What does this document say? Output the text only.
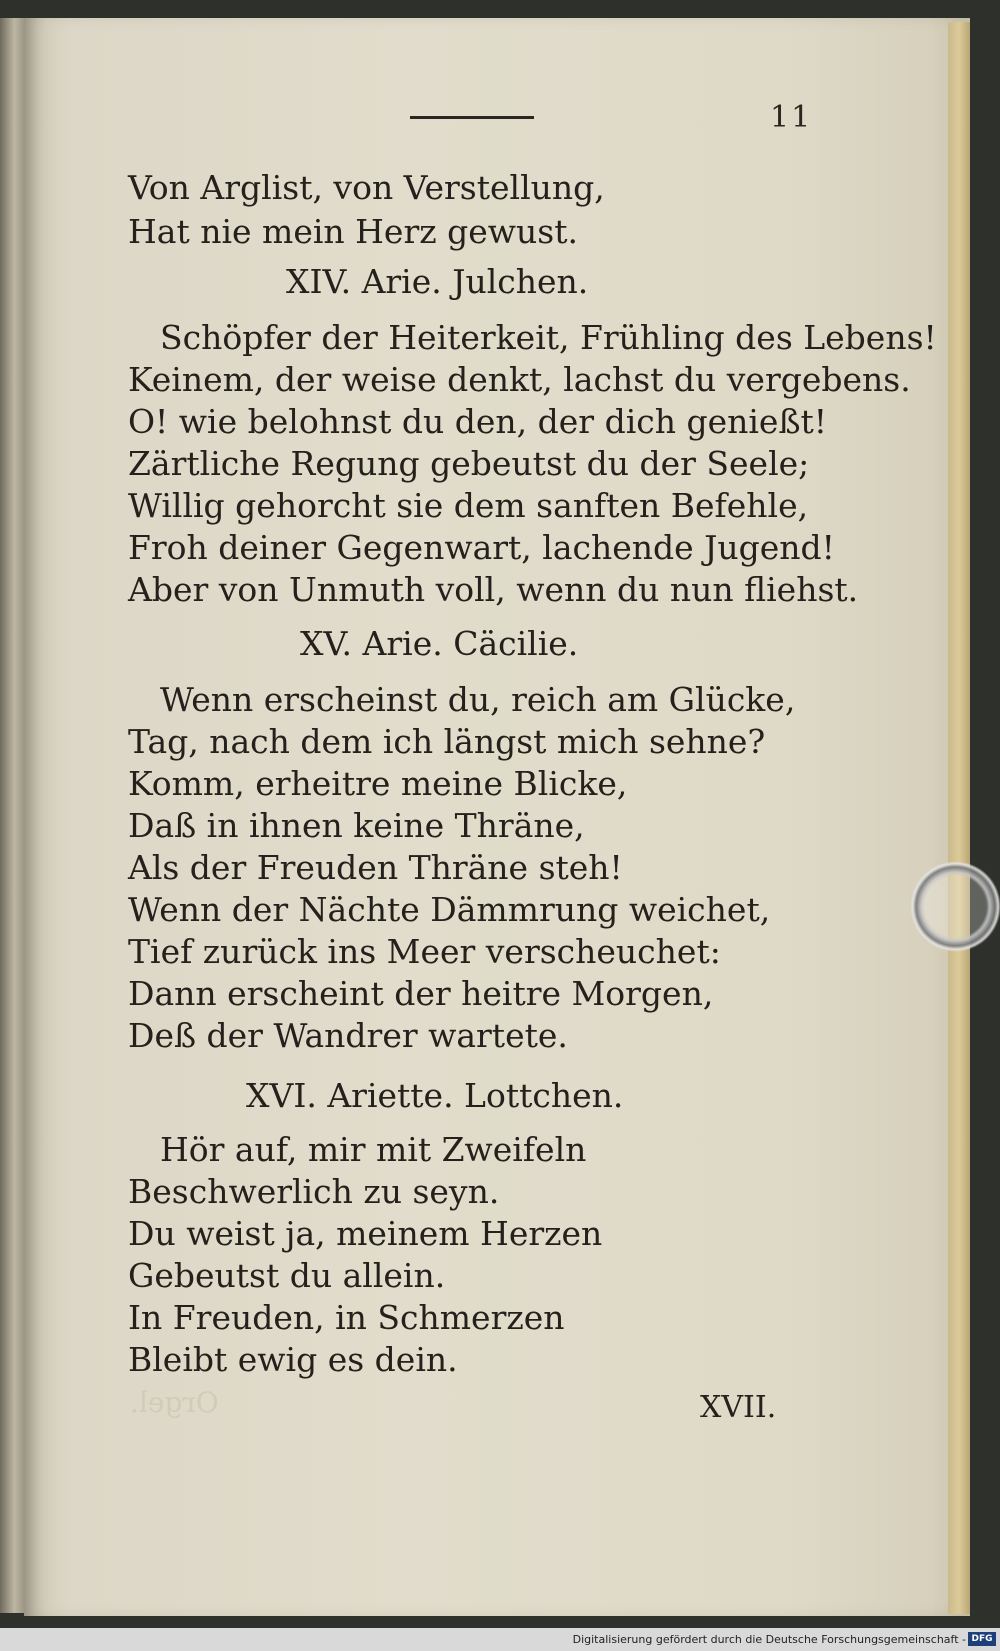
11
Von Arglist, von Verstellung,
Hat nie mein Herz gewust.
XIV. Arie. Julchen.
Schöpfer der Heiterkeit, Frühling des Lebens!
Keinem, der weise denkt, lachst du vergebens.
O! wie belohnst du den, der dich genießt!
Zärtliche Regung gebeutst du der Seele;
Willig gehorcht sie dem sanften Befehle,
Froh deiner Gegenwart, lachende Jugend!
Aber von Unmuth voll, wenn du nun fliehst.
XV. Arie. Cäcilie.
Wenn erscheinst du, reich am Glücke,
Tag, nach dem ich längst mich sehne?
Komm, erheitre meine Blicke,
Daß in ihnen keine Thräne,
Als der Freuden Thräne steh!
Wenn der Nächte Dämmrung weichet,
Tief zurück ins Meer verscheuchet:
Dann erscheint der heitre Morgen,
Deß der Wandrer wartete.
XVI. Ariette. Lottchen.
Hör auf, mir mit Zweifeln
Beschwerlich zu seyn.
Du weist ja, meinem Herzen
Gebeutst du allein.
In Freuden, in Schmerzen
Bleibt ewig es dein.
Orgel.	XVII.
Digitalisierung gefördert durch die Deutsche Forschungsgemeinschaft - DFG
